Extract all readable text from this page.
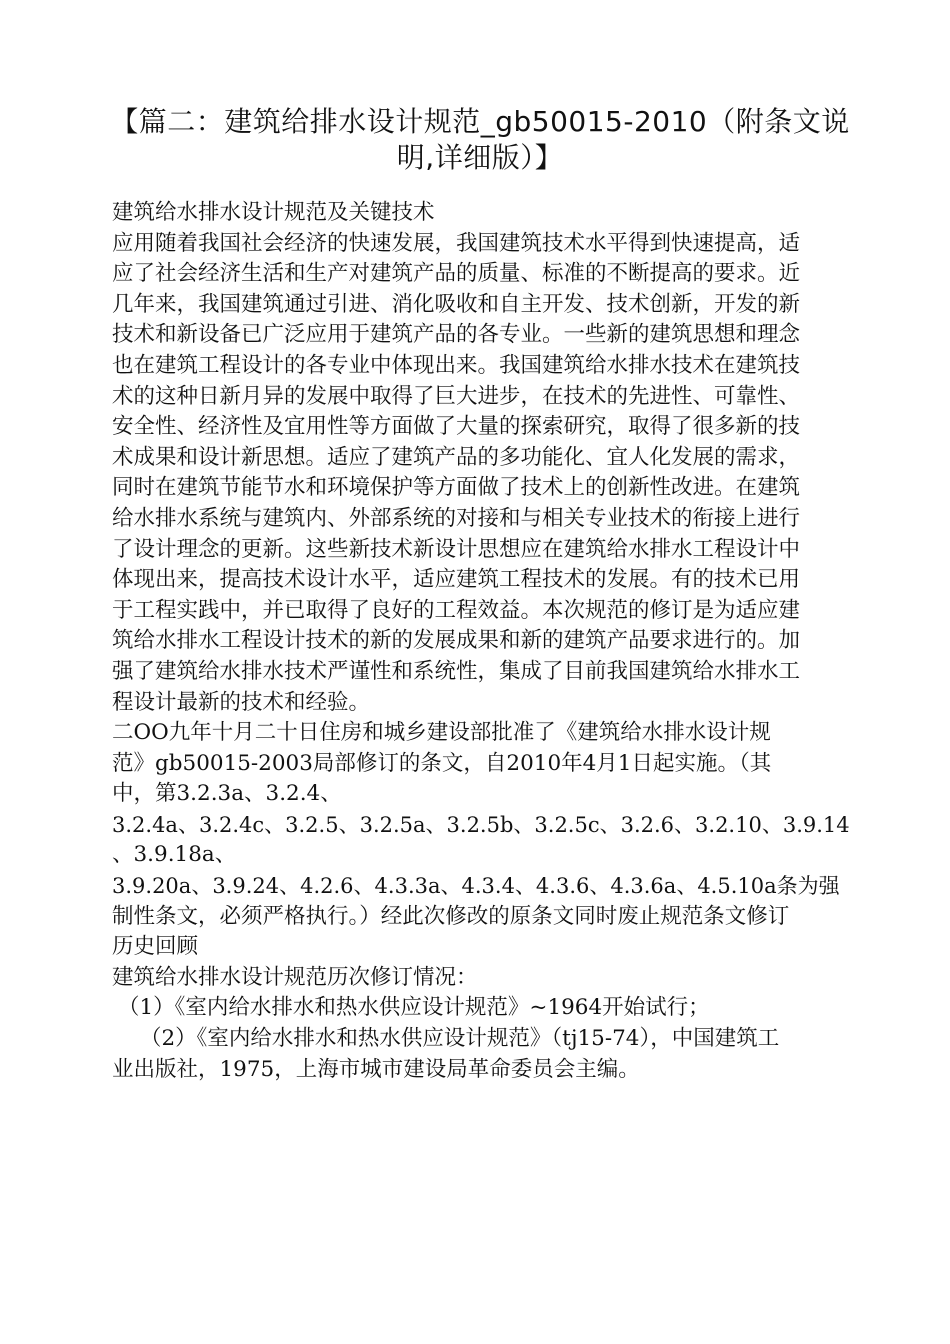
【篇二：建筑给排水设计规范_gb50015-2010（附条文说
明,详细版）】
建筑给水排水设计规范及关键技术
应用随着我国社会经济的快速发展，我国建筑技术水平得到快速提高，适
应了社会经济生活和生产对建筑产品的质量、标准的不断提高的要求。近
几年来，我国建筑通过引进、消化吸收和自主开发、技术创新，开发的新
技术和新设备已广泛应用于建筑产品的各专业。一些新的建筑思想和理念
也在建筑工程设计的各专业中体现出来。我国建筑给水排水技术在建筑技
术的这种日新月异的发展中取得了巨大进步，在技术的先进性、可靠性、
安全性、经济性及宜用性等方面做了大量的探索研究，取得了很多新的技
术成果和设计新思想。适应了建筑产品的多功能化、宜人化发展的需求，
同时在建筑节能节水和环境保护等方面做了技术上的创新性改进。在建筑
给水排水系统与建筑内、外部系统的对接和与相关专业技术的衔接上进行
了设计理念的更新。这些新技术新设计思想应在建筑给水排水工程设计中
体现出来，提高技术设计水平，适应建筑工程技术的发展。有的技术已用
于工程实践中，并已取得了良好的工程效益。本次规范的修订是为适应建
筑给水排水工程设计技术的新的发展成果和新的建筑产品要求进行的。加
强了建筑给水排水技术严谨性和系统性，集成了目前我国建筑给水排水工
程设计最新的技术和经验。
二OO九年十月二十日住房和城乡建设部批准了《建筑给水排水设计规
范》gb50015-2003局部修订的条文，自2010年4月1日起实施。（其
中，第3.2.3a、3.2.4、
3.2.4a、3.2.4c、3.2.5、3.2.5a、3.2.5b、3.2.5c、3.2.6、3.2.10、3.9.14
、3.9.18a、
3.9.20a、3.9.24、4.2.6、4.3.3a、4.3.4、4.3.6、4.3.6a、4.5.10a条为强
制性条文，必须严格执行。）经此次修改的原条文同时废止规范条文修订
历史回顾
建筑给水排水设计规范历次修订情况：
（1）《室内给水排水和热水供应设计规范》~1964开始试行；
（2）《室内给水排水和热水供应设计规范》（tj15-74），中国建筑工
业出版社，1975，上海市城市建设局革命委员会主编。
